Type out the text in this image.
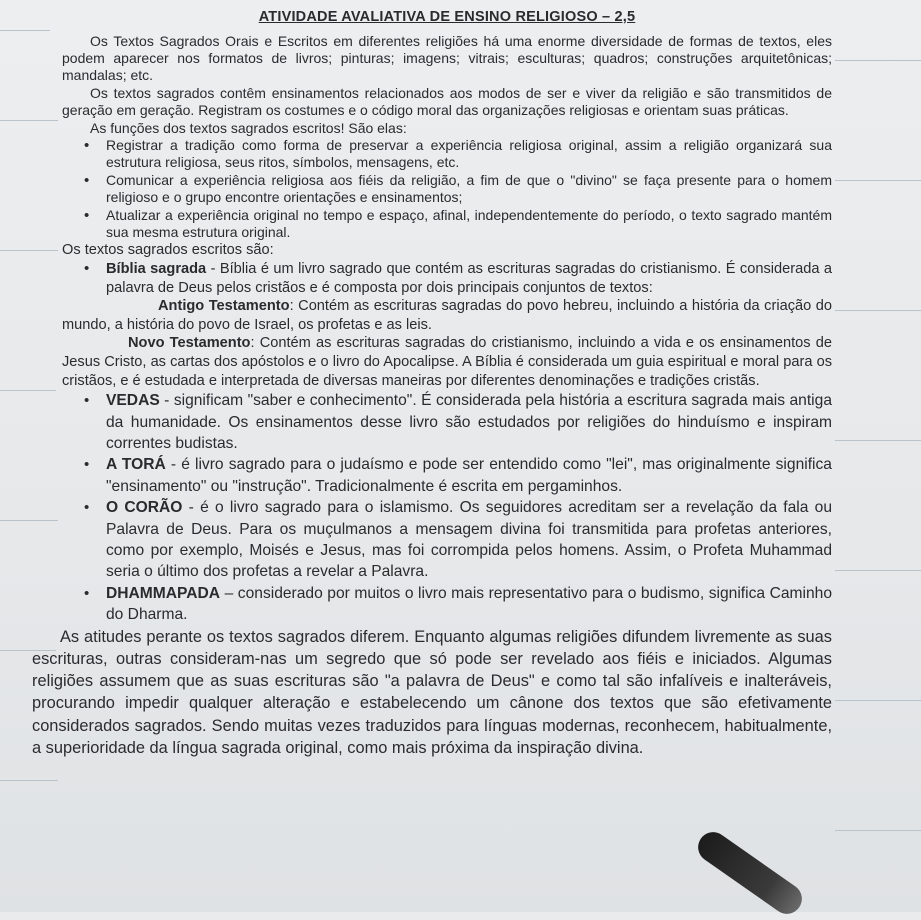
ATIVIDADE AVALIATIVA DE ENSINO RELIGIOSO – 2,5

Os Textos Sagrados Orais e Escritos em diferentes religiões há uma enorme diversidade de formas de textos, eles podem aparecer nos formatos de livros; pinturas; imagens; vitrais; esculturas; quadros; construções arquitetônicas; mandalas; etc.

Os textos sagrados contêm ensinamentos relacionados aos modos de ser e viver da religião e são transmitidos de geração em geração. Registram os costumes e o código moral das organizações religiosas e orientam suas práticas.

As funções dos textos sagrados escritos! São elas:

• Registrar a tradição como forma de preservar a experiência religiosa original, assim a religião organizará sua estrutura religiosa, seus ritos, símbolos, mensagens, etc.
• Comunicar a experiência religiosa aos fiéis da religião, a fim de que o "divino" se faça presente para o homem religioso e o grupo encontre orientações e ensinamentos;
• Atualizar a experiência original no tempo e espaço, afinal, independentemente do período, o texto sagrado mantém sua mesma estrutura original.

Os textos sagrados escritos são:

• Bíblia sagrada - Bíblia é um livro sagrado que contém as escrituras sagradas do cristianismo. É considerada a palavra de Deus pelos cristãos e é composta por dois principais conjuntos de textos:

Antigo Testamento: Contém as escrituras sagradas do povo hebreu, incluindo a história da criação do mundo, a história do povo de Israel, os profetas e as leis.

Novo Testamento: Contém as escrituras sagradas do cristianismo, incluindo a vida e os ensinamentos de Jesus Cristo, as cartas dos apóstolos e o livro do Apocalipse. A Bíblia é considerada um guia espiritual e moral para os cristãos, e é estudada e interpretada de diversas maneiras por diferentes denominações e tradições cristãs.

• VEDAS - significam "saber e conhecimento". É considerada pela história a escritura sagrada mais antiga da humanidade. Os ensinamentos desse livro são estudados por religiões do hinduísmo e inspiram correntes budistas.
• A TORÁ - é livro sagrado para o judaísmo e pode ser entendido como "lei", mas originalmente significa "ensinamento" ou "instrução". Tradicionalmente é escrita em pergaminhos.
• O CORÃO - é o livro sagrado para o islamismo. Os seguidores acreditam ser a revelação da fala ou Palavra de Deus. Para os muçulmanos a mensagem divina foi transmitida para profetas anteriores, como por exemplo, Moisés e Jesus, mas foi corrompida pelos homens. Assim, o Profeta Muhammad seria o último dos profetas a revelar a Palavra.
• DHAMMAPADA – considerado por muitos o livro mais representativo para o budismo, significa Caminho do Dharma.

As atitudes perante os textos sagrados diferem. Enquanto algumas religiões difundem livremente as suas escrituras, outras consideram-nas um segredo que só pode ser revelado aos fiéis e iniciados. Algumas religiões assumem que as suas escrituras são "a palavra de Deus" e como tal são infalíveis e inalteráveis, procurando impedir qualquer alteração e estabelecendo um cânone dos textos que são efetivamente considerados sagrados. Sendo muitas vezes traduzidos para línguas modernas, reconhecem, habitualmente, a superioridade da língua sagrada original, como mais próxima da inspiração divina.
